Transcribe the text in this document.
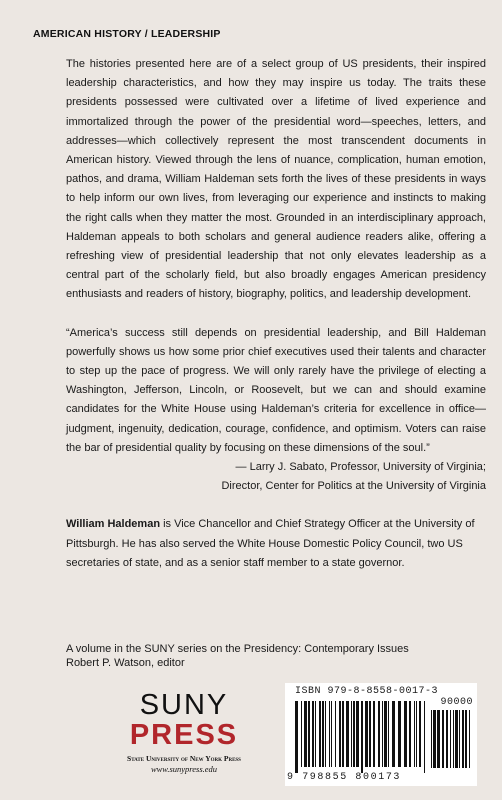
AMERICAN HISTORY / LEADERSHIP

The histories presented here are of a select group of US presidents, their inspired leadership characteristics, and how they may inspire us today. The traits these presidents possessed were cultivated over a lifetime of lived experience and immortalized through the power of the presidential word—speeches, letters, and addresses—which collectively represent the most transcendent documents in American history. Viewed through the lens of nuance, complication, human emotion, pathos, and drama, William Haldeman sets forth the lives of these presidents in ways to help inform our own lives, from leveraging our experience and instincts to making the right calls when they matter the most. Grounded in an interdisciplinary approach, Haldeman appeals to both scholars and general audience readers alike, offering a refreshing view of presidential leadership that not only elevates leadership as a central part of the scholarly field, but also broadly engages American presidency enthusiasts and readers of history, biography, politics, and leadership development.

“America’s success still depends on presidential leadership, and Bill Haldeman powerfully shows us how some prior chief executives used their talents and character to step up the pace of progress. We will only rarely have the privilege of electing a Washington, Jefferson, Lincoln, or Roosevelt, but we can and should examine candidates for the White House using Haldeman’s criteria for excellence in office—judgment, ingenuity, dedication, courage, confidence, and optimism. Voters can raise the bar of presidential quality by focusing on these dimensions of the soul.”

— Larry J. Sabato, Professor, University of Virginia;
Director, Center for Politics at the University of Virginia

William Haldeman is Vice Chancellor and Chief Strategy Officer at the University of Pittsburgh. He has also served the White House Domestic Policy Council, two US secretaries of state, and as a senior staff member to a state governor.

A volume in the SUNY series on the Presidency: Contemporary Issues
Robert P. Watson, editor
SUNY
PRESS
State University of New York Press
www.sunypress.edu
ISBN 979-8-8558-0017-3
90000
9 798855 800173
